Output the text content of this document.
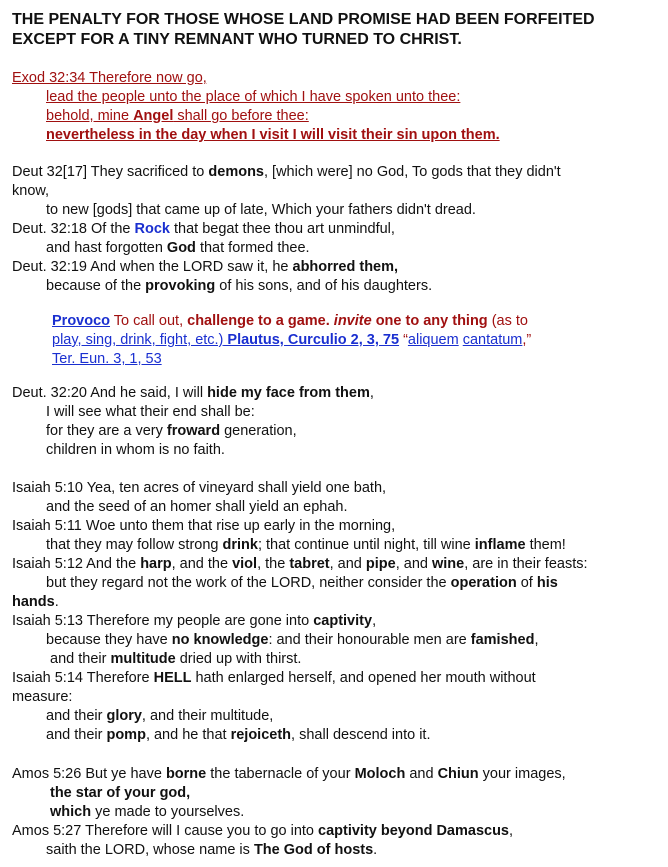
THE PENALTY FOR THOSE WHOSE LAND PROMISE HAD BEEN FORFEITED
EXCEPT FOR A TINY REMNANT WHO TURNED TO CHRIST.
Exod 32:34 Therefore now go,
lead the people unto the place of which I have spoken unto thee:
behold, mine Angel shall go before thee:
nevertheless in the day when I visit I will visit their sin upon them.
Deut 32[17] They sacrificed to demons, [which were] no God, To gods that they didn't
know,
to new [gods] that came up of late, Which your fathers didn't dread.
Deut. 32:18 Of the Rock that begat thee thou art unmindful,
and hast forgotten God that formed thee.
Deut. 32:19 And when the LORD saw it, he abhorred them,
because of the provoking of his sons, and of his daughters.
Provoco To call out, challenge to a game. invite one to any thing (as to
play, sing, drink, fight, etc.) Plautus, Curculio 2, 3, 75 “aliquem cantatum,”
Ter. Eun. 3, 1, 53
Deut. 32:20 And he said, I will hide my face from them,
I will see what their end shall be:
for they are a very froward generation,
children in whom is no faith.
Isaiah 5:10 Yea, ten acres of vineyard shall yield one bath,
and the seed of an homer shall yield an ephah.
Isaiah 5:11 Woe unto them that rise up early in the morning,
that they may follow strong drink; that continue until night, till wine inflame them!
Isaiah 5:12 And the harp, and the viol, the tabret, and pipe, and wine, are in their feasts:
but they regard not the work of the LORD, neither consider the operation of his
hands.
Isaiah 5:13 Therefore my people are gone into captivity,
because they have no knowledge: and their honourable men are famished,
and their multitude dried up with thirst.
Isaiah 5:14 Therefore HELL hath enlarged herself, and opened her mouth without
measure:
and their glory, and their multitude,
and their pomp, and he that rejoiceth, shall descend into it.
Amos 5:26 But ye have borne the tabernacle of your Moloch and Chiun your images,
the star of your god,
which ye made to yourselves.
Amos 5:27 Therefore will I cause you to go into captivity beyond Damascus,
saith the LORD, whose name is The God of hosts.
